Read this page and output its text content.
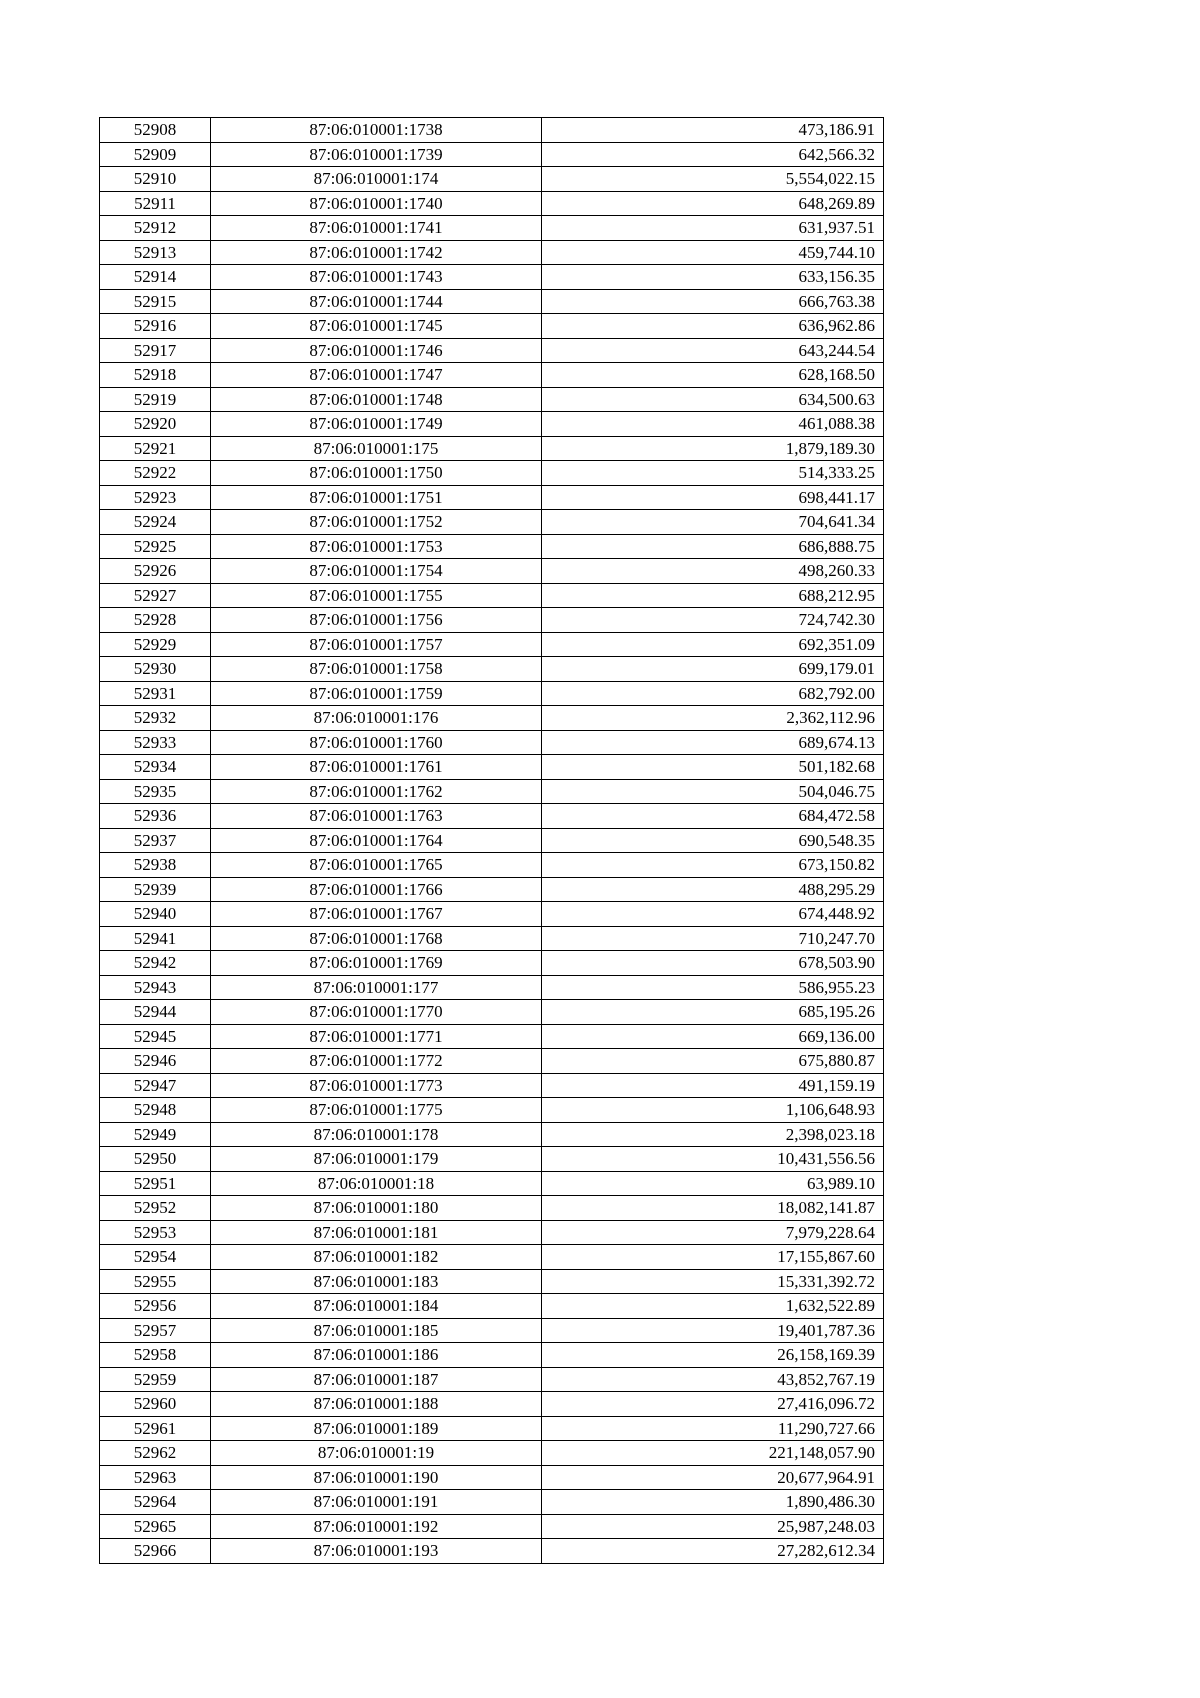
52908	87:06:010001:1738	473,186.91
52909	87:06:010001:1739	642,566.32
52910	87:06:010001:174	5,554,022.15
52911	87:06:010001:1740	648,269.89
52912	87:06:010001:1741	631,937.51
52913	87:06:010001:1742	459,744.10
52914	87:06:010001:1743	633,156.35
52915	87:06:010001:1744	666,763.38
52916	87:06:010001:1745	636,962.86
52917	87:06:010001:1746	643,244.54
52918	87:06:010001:1747	628,168.50
52919	87:06:010001:1748	634,500.63
52920	87:06:010001:1749	461,088.38
52921	87:06:010001:175	1,879,189.30
52922	87:06:010001:1750	514,333.25
52923	87:06:010001:1751	698,441.17
52924	87:06:010001:1752	704,641.34
52925	87:06:010001:1753	686,888.75
52926	87:06:010001:1754	498,260.33
52927	87:06:010001:1755	688,212.95
52928	87:06:010001:1756	724,742.30
52929	87:06:010001:1757	692,351.09
52930	87:06:010001:1758	699,179.01
52931	87:06:010001:1759	682,792.00
52932	87:06:010001:176	2,362,112.96
52933	87:06:010001:1760	689,674.13
52934	87:06:010001:1761	501,182.68
52935	87:06:010001:1762	504,046.75
52936	87:06:010001:1763	684,472.58
52937	87:06:010001:1764	690,548.35
52938	87:06:010001:1765	673,150.82
52939	87:06:010001:1766	488,295.29
52940	87:06:010001:1767	674,448.92
52941	87:06:010001:1768	710,247.70
52942	87:06:010001:1769	678,503.90
52943	87:06:010001:177	586,955.23
52944	87:06:010001:1770	685,195.26
52945	87:06:010001:1771	669,136.00
52946	87:06:010001:1772	675,880.87
52947	87:06:010001:1773	491,159.19
52948	87:06:010001:1775	1,106,648.93
52949	87:06:010001:178	2,398,023.18
52950	87:06:010001:179	10,431,556.56
52951	87:06:010001:18	63,989.10
52952	87:06:010001:180	18,082,141.87
52953	87:06:010001:181	7,979,228.64
52954	87:06:010001:182	17,155,867.60
52955	87:06:010001:183	15,331,392.72
52956	87:06:010001:184	1,632,522.89
52957	87:06:010001:185	19,401,787.36
52958	87:06:010001:186	26,158,169.39
52959	87:06:010001:187	43,852,767.19
52960	87:06:010001:188	27,416,096.72
52961	87:06:010001:189	11,290,727.66
52962	87:06:010001:19	221,148,057.90
52963	87:06:010001:190	20,677,964.91
52964	87:06:010001:191	1,890,486.30
52965	87:06:010001:192	25,987,248.03
52966	87:06:010001:193	27,282,612.34
